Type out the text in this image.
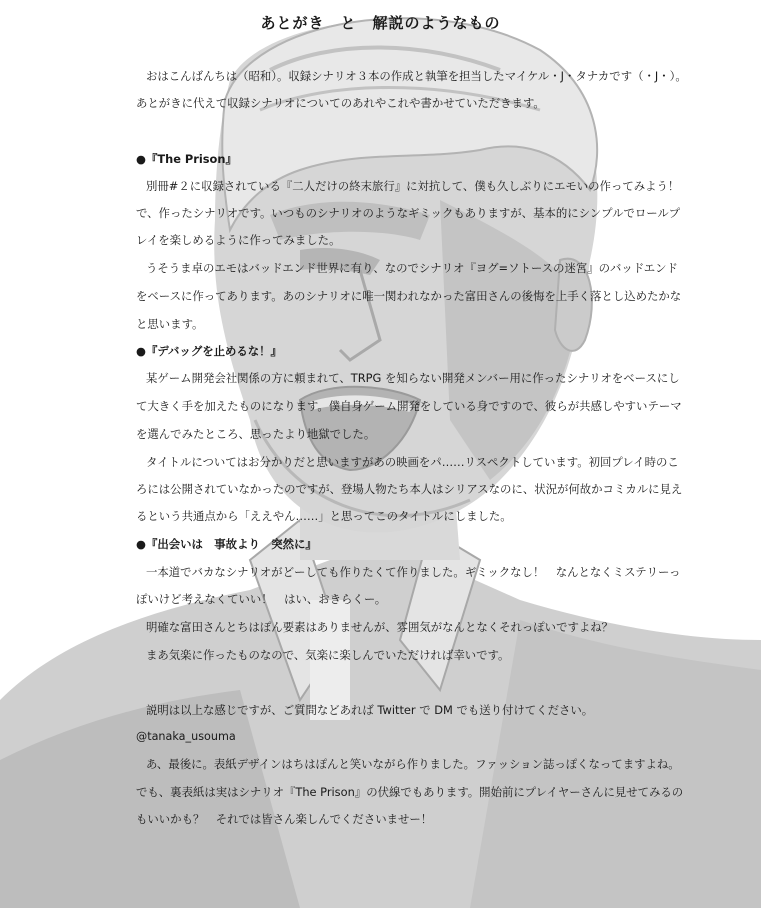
あとがき　と　解説のようなもの
おはこんばんちは（昭和）。収録シナリオ３本の作成と執筆を担当したマイケル・J・タナカです（・J・）。
あとがきに代えて収録シナリオについてのあれやこれや書かせていただきます。
●『The Prison』
別冊#２に収録されている『二人だけの終末旅行』に対抗して、僕も久しぶりにエモいの作ってみよう！
で、作ったシナリオです。いつものシナリオのようなギミックもありますが、基本的にシンプルでロールプ
レイを楽しめるように作ってみました。
うそうま卓のエモはバッドエンド世界に有り、なのでシナリオ『ヨグ=ソトースの迷宮』のバッドエンド
をベースに作ってあります。あのシナリオに唯一関われなかった富田さんの後悔を上手く落とし込めたかな
と思います。
●『デバッグを止めるな！』
某ゲーム開発会社関係の方に頼まれて、TRPG を知らない開発メンバー用に作ったシナリオをベースにし
て大きく手を加えたものになります。僕自身ゲーム開発をしている身ですので、彼らが共感しやすいテーマ
を選んでみたところ、思ったより地獄でした。
タイトルについてはお分かりだと思いますがあの映画をパ……リスペクトしています。初回プレイ時のこ
ろには公開されていなかったのですが、登場人物たち本人はシリアスなのに、状況が何故かコミカルに見え
るという共通点から「ええやん……」と思ってこのタイトルにしました。
●『出会いは　事故より　突然に』
一本道でバカなシナリオがどーしても作りたくて作りました。ギミックなし！　なんとなくミステリーっ
ぽいけど考えなくていい！　はい、おきらくー。
明確な富田さんとちはぽん要素はありませんが、雰囲気がなんとなくそれっぽいですよね？
まあ気楽に作ったものなので、気楽に楽しんでいただければ幸いです。
説明は以上な感じですが、ご質問などあれば Twitter で DM でも送り付けてください。
@tanaka_usouma
あ、最後に。表紙デザインはちはぽんと笑いながら作りました。ファッション誌っぽくなってますよね。
でも、裏表紙は実はシナリオ『The Prison』の伏線でもあります。開始前にプレイヤーさんに見せてみるの
もいいかも？　それでは皆さん楽しんでくださいませー！
